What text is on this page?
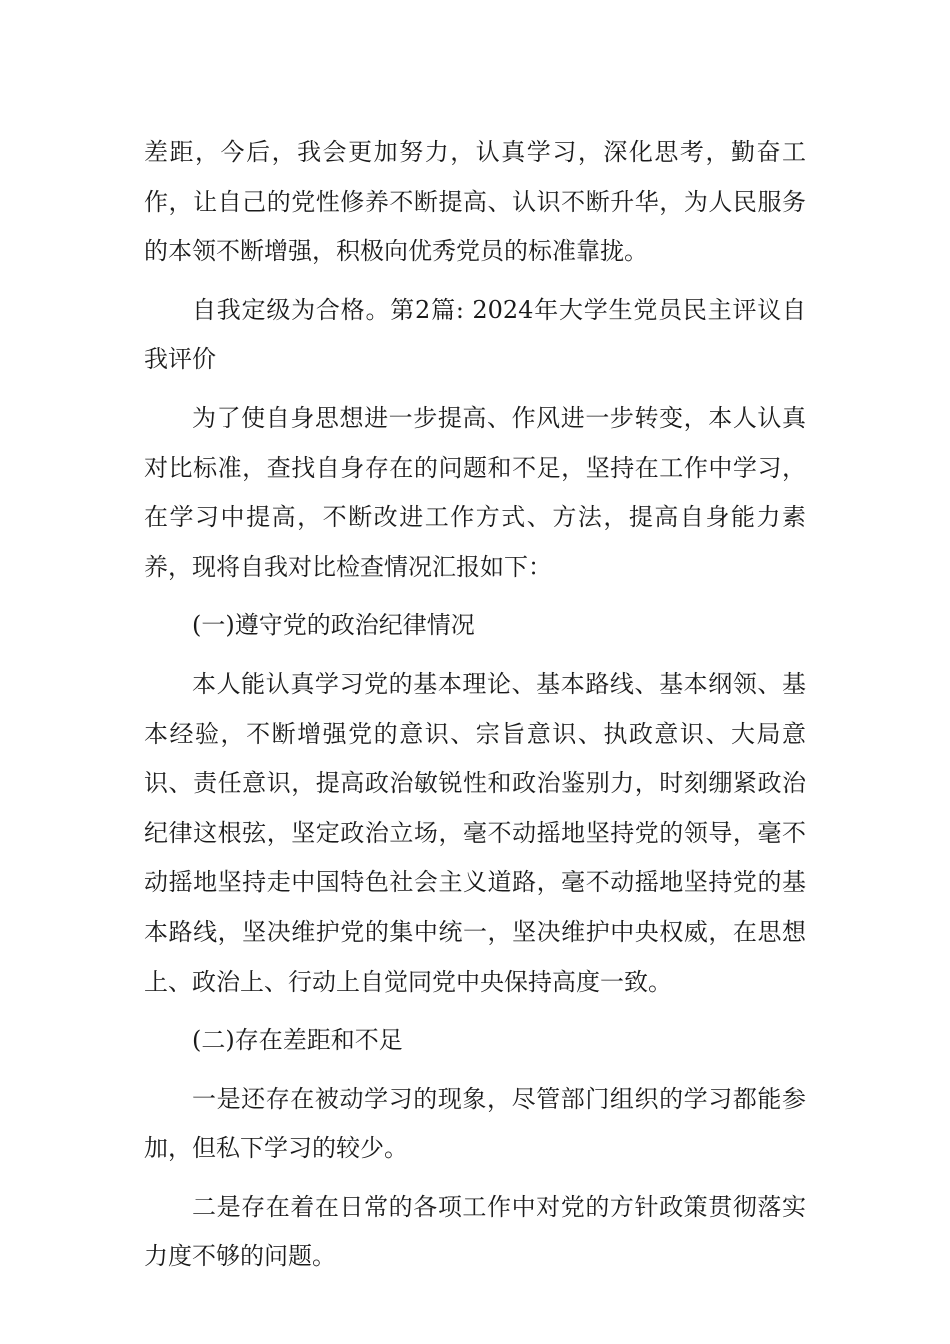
差距，今后，我会更加努力，认真学习，深化思考，勤奋工作，让自己的党性修养不断提高、认识不断升华，为人民服务的本领不断增强，积极向优秀党员的标准靠拢。

自我定级为合格。第2篇: 2024年大学生党员民主评议自我评价

为了使自身思想进一步提高、作风进一步转变，本人认真对比标准，查找自身存在的问题和不足，坚持在工作中学习，在学习中提高，不断改进工作方式、方法，提高自身能力素养，现将自我对比检查情况汇报如下：

(一)遵守党的政治纪律情况

本人能认真学习党的基本理论、基本路线、基本纲领、基本经验，不断增强党的意识、宗旨意识、执政意识、大局意识、责任意识，提高政治敏锐性和政治鉴别力，时刻绷紧政治纪律这根弦，坚定政治立场，毫不动摇地坚持党的领导，毫不动摇地坚持走中国特色社会主义道路，毫不动摇地坚持党的基本路线，坚决维护党的集中统一，坚决维护中央权威，在思想上、政治上、行动上自觉同党中央保持高度一致。

(二)存在差距和不足

一是还存在被动学习的现象，尽管部门组织的学习都能参加，但私下学习的较少。

二是存在着在日常的各项工作中对党的方针政策贯彻落实力度不够的问题。
